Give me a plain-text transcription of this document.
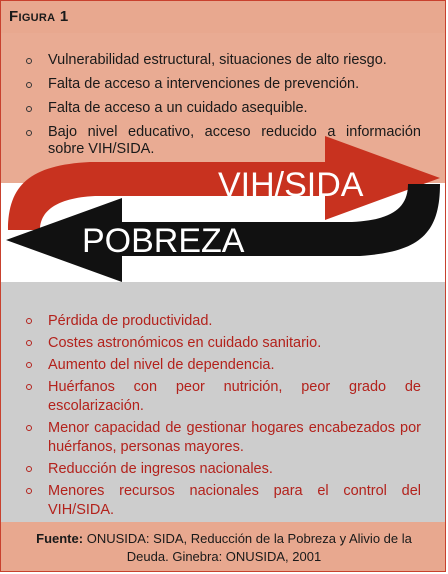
Figura 1
Vulnerabilidad estructural, situaciones de alto riesgo.
Falta de acceso a intervenciones de prevención.
Falta de acceso a un cuidado asequible.
Bajo nivel educativo, acceso reducido a información sobre VIH/SIDA.
VIH/SIDA
POBREZA
Pérdida de productividad.
Costes astronómicos en cuidado sanitario.
Aumento del nivel de dependencia.
Huérfanos con peor nutrición, peor grado de escolarización.
Menor capacidad de gestionar hogares encabezados por huérfanos, personas mayores.
Reducción de ingresos nacionales.
Menores recursos nacionales para el control del VIH/SIDA.
Fuente: ONUSIDA: SIDA, Reducción de la Pobreza y Alivio de la Deuda. Ginebra: ONUSIDA, 2001
